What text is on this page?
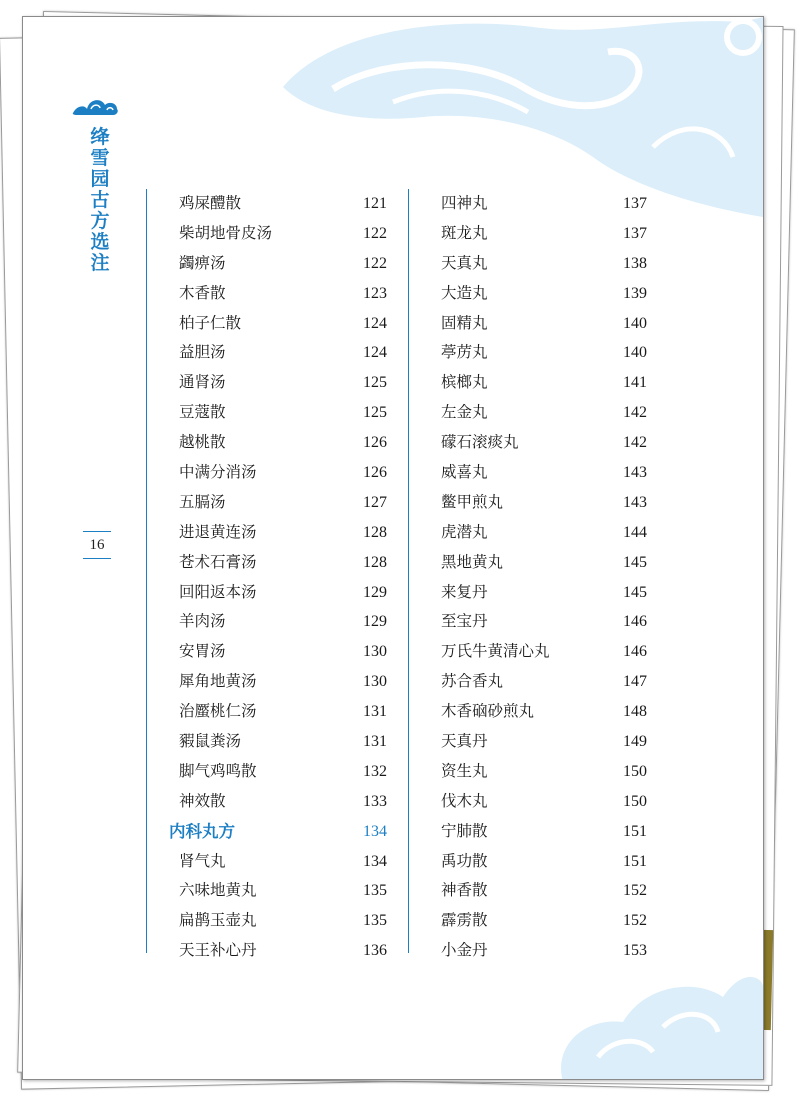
绛雪园古方选注
16
鸡屎醴散	121
柴胡地骨皮汤	122
蠲痹汤	122
木香散	123
柏子仁散	124
益胆汤	124
通肾汤	125
豆蔻散	125
越桃散	126
中满分消汤	126
五膈汤	127
进退黄连汤	128
苍术石膏汤	128
回阳返本汤	129
羊肉汤	129
安胃汤	130
犀角地黄汤	130
治蟨桃仁汤	131
豭鼠粪汤	131
脚气鸡鸣散	132
神效散	133
内科丸方	134
肾气丸	134
六味地黄丸	135
扁鹊玉壶丸	135
天王补心丹	136
四神丸	137
斑龙丸	137
天真丸	138
大造丸	139
固精丸	140
葶苈丸	140
槟榔丸	141
左金丸	142
礞石滚痰丸	142
威喜丸	143
鳖甲煎丸	143
虎潜丸	144
黑地黄丸	145
来复丹	145
至宝丹	146
万氏牛黄清心丸	146
苏合香丸	147
木香硇砂煎丸	148
天真丹	149
资生丸	150
伐木丸	150
宁肺散	151
禹功散	151
神香散	152
霹雳散	152
小金丹	153
